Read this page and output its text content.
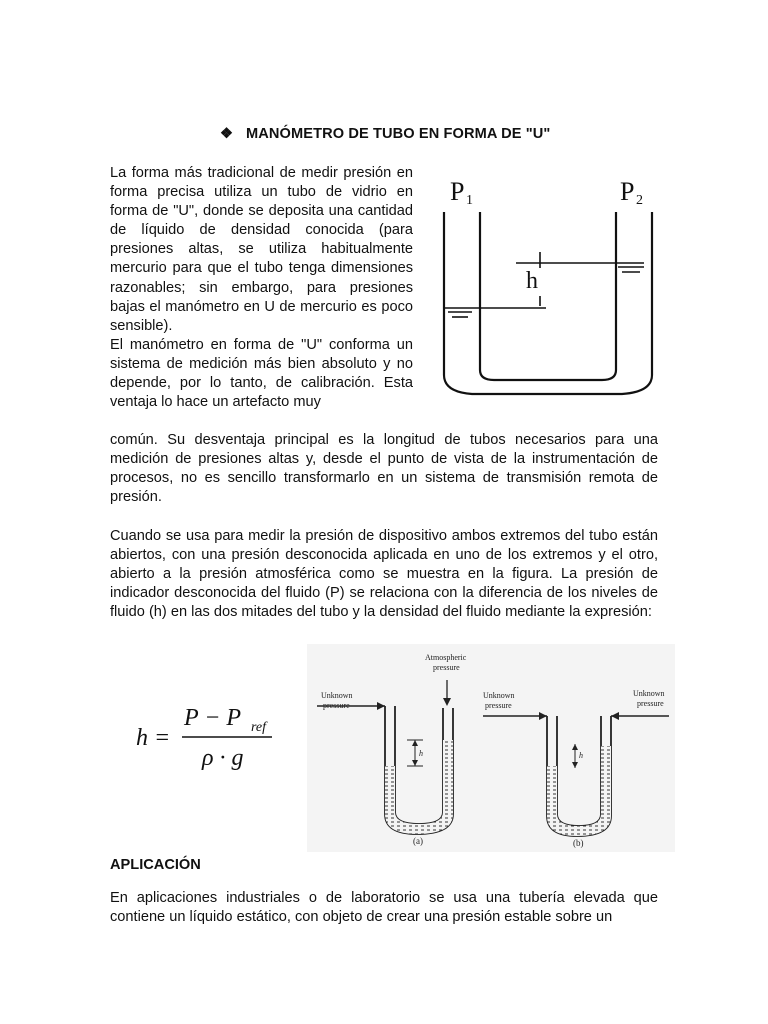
❖ MANÓMETRO DE TUBO EN FORMA DE "U"

La forma más tradicional de medir presión en forma precisa utiliza un tubo de vidrio en forma de "U", donde se deposita una cantidad de líquido de densidad conocida (para presiones altas, se utiliza habitualmente mercurio para que el tubo tenga dimensiones razonables; sin embargo, para presiones bajas el manómetro en U de mercurio es poco sensible).

El manómetro en forma de "U" conforma un sistema de medición más bien absoluto y no depende, por lo tanto, de calibración. Esta ventaja lo hace un artefacto muy

común. Su desventaja principal es la longitud de tubos necesarios para una medición de presiones altas y, desde el punto de vista de la instrumentación de procesos, no es sencillo transformarlo en un sistema de transmisión remota de presión.
Cuando se usa para medir la presión de dispositivo ambos extremos del tubo están abiertos, con una presión desconocida aplicada en uno de los extremos y el otro, abierto a la presión atmosférica como se muestra en la figura. La presión de indicador desconocida del fluido (P) se relaciona con la diferencia de los niveles de fluido (h) en las dos mitades del tubo y la densidad del fluido mediante la expresión:
P 1	P 2
h
h =
P − P ref
ρ · g
Atmospheric
pressure
Unknown
pressure
Unknown
pressure
Unknown
pressure
h	h
(a)	(b)
APLICACIÓN
En aplicaciones industriales o de laboratorio se usa una tubería elevada que contiene un líquido estático, con objeto de crear una presión estable sobre un
